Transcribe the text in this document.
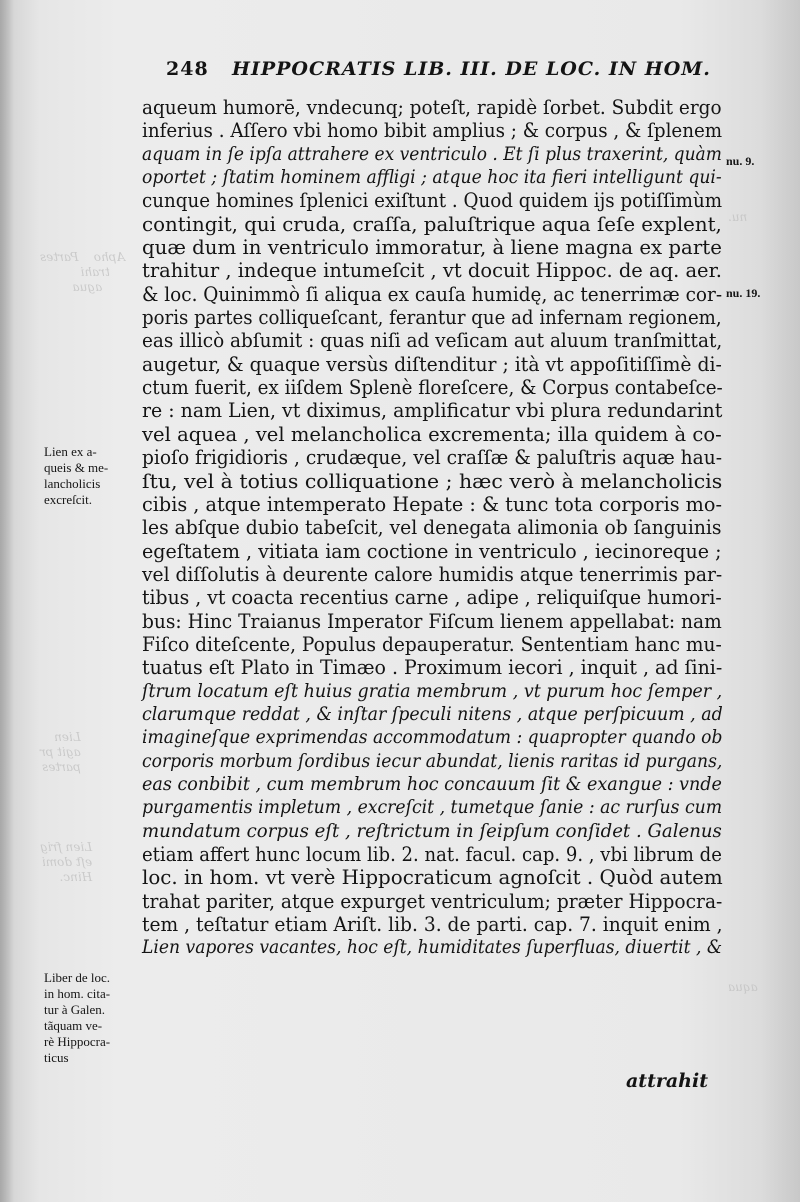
Apho    Partes
trahi
agua
Lien
agit pr
partes
Lien frig
eſt domi
Hinc.
nu.
aqua
248 HIPPOCRATIS LIB. III. DE LOC. IN HOM.
aqueum humorē, vndecunq; poteſt, rapidè ſorbet. Subdit ergo
inferius . Aſſero vbi homo bibit amplius ; & corpus , & ſplenem
aquam in ſe ipſa attrahere ex ventriculo . Et ſi plus traxerint, quàm
oportet ; ſtatim hominem affligi ; atque hoc ita fieri intelligunt qui-
cunque homines ſplenici exiſtunt . Quod quidem ijs potiſſimùm
contingit, qui cruda, craſſa, paluſtrique aqua ſeſe explent,
quæ dum in ventriculo immoratur, à liene magna ex parte
trahitur , indeque intumeſcit , vt docuit Hippoc. de aq. aer.
& loc. Quinimmò ſi aliqua ex cauſa humidę, ac tenerrimæ cor-
poris partes colliqueſcant, ferantur que ad infernam regionem,
eas illicò abſumit : quas niſi ad veſicam aut aluum tranſmittat,
augetur, & quaque versùs diſtenditur ; ità vt appoſitiſſimè di-
ctum fuerit, ex iiſdem Splenè floreſcere, & Corpus contabeſce-
re : nam Lien, vt diximus, amplificatur vbi plura redundarint
vel aquea , vel melancholica excrementa; illa quidem à co-
pioſo frigidioris , crudæque, vel craſſæ & paluſtris aquæ hau-
ſtu, vel à totius colliquatione ; hæc verò à melancholicis
cibis , atque intemperato Hepate : & tunc tota corporis mo-
les abſque dubio tabeſcit, vel denegata alimonia ob ſanguinis
egeſtatem , vitiata iam coctione in ventriculo , iecinoreque ;
vel diſſolutis à deurente calore humidis atque tenerrimis par-
tibus , vt coacta recentius carne , adipe , reliquiſque humori-
bus: Hinc Traianus Imperator Fiſcum lienem appellabat: nam
Fiſco diteſcente, Populus depauperatur. Sententiam hanc mu-
tuatus eſt Plato in Timæo . Proximum iecori , inquit , ad ſini-
ſtrum locatum eſt huius gratia membrum , vt purum hoc ſemper ,
clarumque reddat , & inſtar ſpeculi nitens , atque perſpicuum , ad
imagineſque exprimendas accommodatum : quapropter quando ob
corporis morbum ſordibus iecur abundat, lienis raritas id purgans,
eas conbibit , cum membrum hoc concauum ſit & exangue : vnde
purgamentis impletum , excreſcit , tumetque ſanie : ac rurſus cum
mundatum corpus eſt , reſtrictum in ſeipſum conſidet . Galenus
etiam affert hunc locum lib. 2. nat. facul. cap. 9. , vbi librum de
loc. in hom. vt verè Hippocraticum agnoſcit . Quòd autem
trahat pariter, atque expurget ventriculum; præter Hippocra-
tem , teſtatur etiam Ariſt. lib. 3. de parti. cap. 7. inquit enim ,
Lien vapores vacantes, hoc eſt, humiditates ſuperfluas, diuertit , &
attrahit
Lien ex a-
queis & me-
lancholicis
excreſcit.
Liber de loc.
in hom. cita-
tur à Galen.
tãquam ve-
rè Hippocra-
ticus
nu. 9.
nu. 19.
